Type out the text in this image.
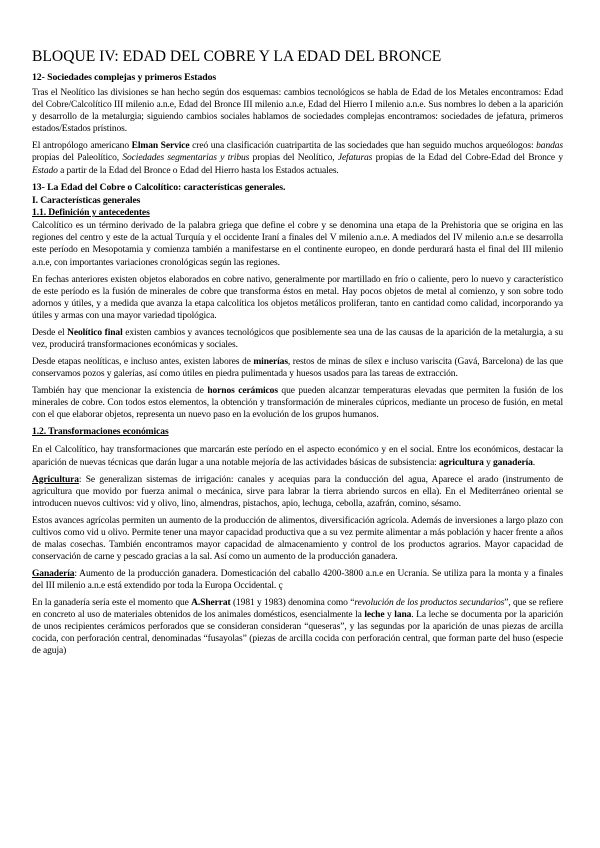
BLOQUE IV: EDAD DEL COBRE Y LA EDAD DEL BRONCE
12- Sociedades complejas y primeros Estados

Tras el Neolítico las divisiones se han hecho según dos esquemas: cambios tecnológicos se habla de Edad de los Metales encontramos: Edad del Cobre/Calcolítico III milenio a.n.e, Edad del Bronce III milenio a.n.e, Edad del Hierro I milenio a.n.e. Sus nombres lo deben a la aparición y desarrollo de la metalurgia; siguiendo cambios sociales hablamos de sociedades complejas encontramos: sociedades de jefatura, primeros estados/Estados prístinos.

El antropólogo americano Elman Service creó una clasificación cuatripartita de las sociedades que han seguido muchos arqueólogos: bandas propias del Paleolítico, Sociedades segmentarias y tribus propias del Neolítico, Jefaturas propias de la Edad del Cobre-Edad del Bronce y Estado a partir de la Edad del Bronce o Edad del Hierro hasta los Estados actuales.

13- La Edad del Cobre o Calcolítico: características generales.
I. Características generales
1.1. Definición y antecedentes

Calcolítico es un término derivado de la palabra griega que define el cobre y se denomina una etapa de la Prehistoria que se origina en las regiones del centro y este de la actual Turquía y el occidente Iraní a finales del V milenio a.n.e. A mediados del IV milenio a.n.e se desarrolla este período en Mesopotamia y comienza también a manifestarse en el continente europeo, en donde perdurará hasta el final del III milenio a.n.e, con importantes variaciones cronológicas según las regiones.

En fechas anteriores existen objetos elaborados en cobre nativo, generalmente por martillado en frío o caliente, pero lo nuevo y característico de este período es la fusión de minerales de cobre que transforma éstos en metal. Hay pocos objetos de metal al comienzo, y son sobre todo adornos y útiles, y a medida que avanza la etapa calcolítica los objetos metálicos proliferan, tanto en cantidad como calidad, incorporando ya útiles y armas con una mayor variedad tipológica.

Desde el Neolítico final existen cambios y avances tecnológicos que posiblemente sea una de las causas de la aparición de la metalurgia, a su vez, producirá transformaciones económicas y sociales.

Desde etapas neolíticas, e incluso antes, existen labores de minerías, restos de minas de sílex e incluso variscita (Gavá, Barcelona) de las que conservamos pozos y galerías, así como útiles en piedra pulimentada y huesos usados para las tareas de extracción.

También hay que mencionar la existencia de hornos cerámicos que pueden alcanzar temperaturas elevadas que permiten la fusión de los minerales de cobre. Con todos estos elementos, la obtención y transformación de minerales cúpricos, mediante un proceso de fusión, en metal con el que elaborar objetos, representa un nuevo paso en la evolución de los grupos humanos.

1.2. Transformaciones económicas

En el Calcolítico, hay transformaciones que marcarán este período en el aspecto económico y en el social. Entre los económicos, destacar la aparición de nuevas técnicas que darán lugar a una notable mejoría de las actividades básicas de subsistencia: agricultura y ganadería.

Agricultura: Se generalizan sistemas de irrigación: canales y acequias para la conducción del agua, Aparece el arado (instrumento de agricultura que movido por fuerza animal o mecánica, sirve para labrar la tierra abriendo surcos en ella). En el Mediterráneo oriental se introducen nuevos cultivos: vid y olivo, lino, almendras, pistachos, apio, lechuga, cebolla, azafrán, comino, sésamo.

Estos avances agrícolas permiten un aumento de la producción de alimentos, diversificación agrícola. Además de inversiones a largo plazo con cultivos como vid u olivo. Permite tener una mayor capacidad productiva que a su vez permite alimentar a más población y hacer frente a años de malas cosechas. También encontramos mayor capacidad de almacenamiento y control de los productos agrarios. Mayor capacidad de conservación de carne y pescado gracias a la sal. Así como un aumento de la producción ganadera.

Ganadería: Aumento de la producción ganadera. Domesticación del caballo 4200-3800 a.n.e en Ucrania. Se utiliza para la monta y a finales del III milenio a.n.e está extendido por toda la Europa Occidental. ç

En la ganadería sería este el momento que A.Sherrat (1981 y 1983) denomina como “revolución de los productos secundarios”, que se refiere en concreto al uso de materiales obtenidos de los animales domésticos, esencialmente la leche y lana. La leche se documenta por la aparición de unos recipientes cerámicos perforados que se consideran consideran “queseras”, y las segundas por la aparición de unas piezas de arcilla cocida, con perforación central, denominadas “fusayolas” (piezas de arcilla cocida con perforación central, que forman parte del huso (especie de aguja)
